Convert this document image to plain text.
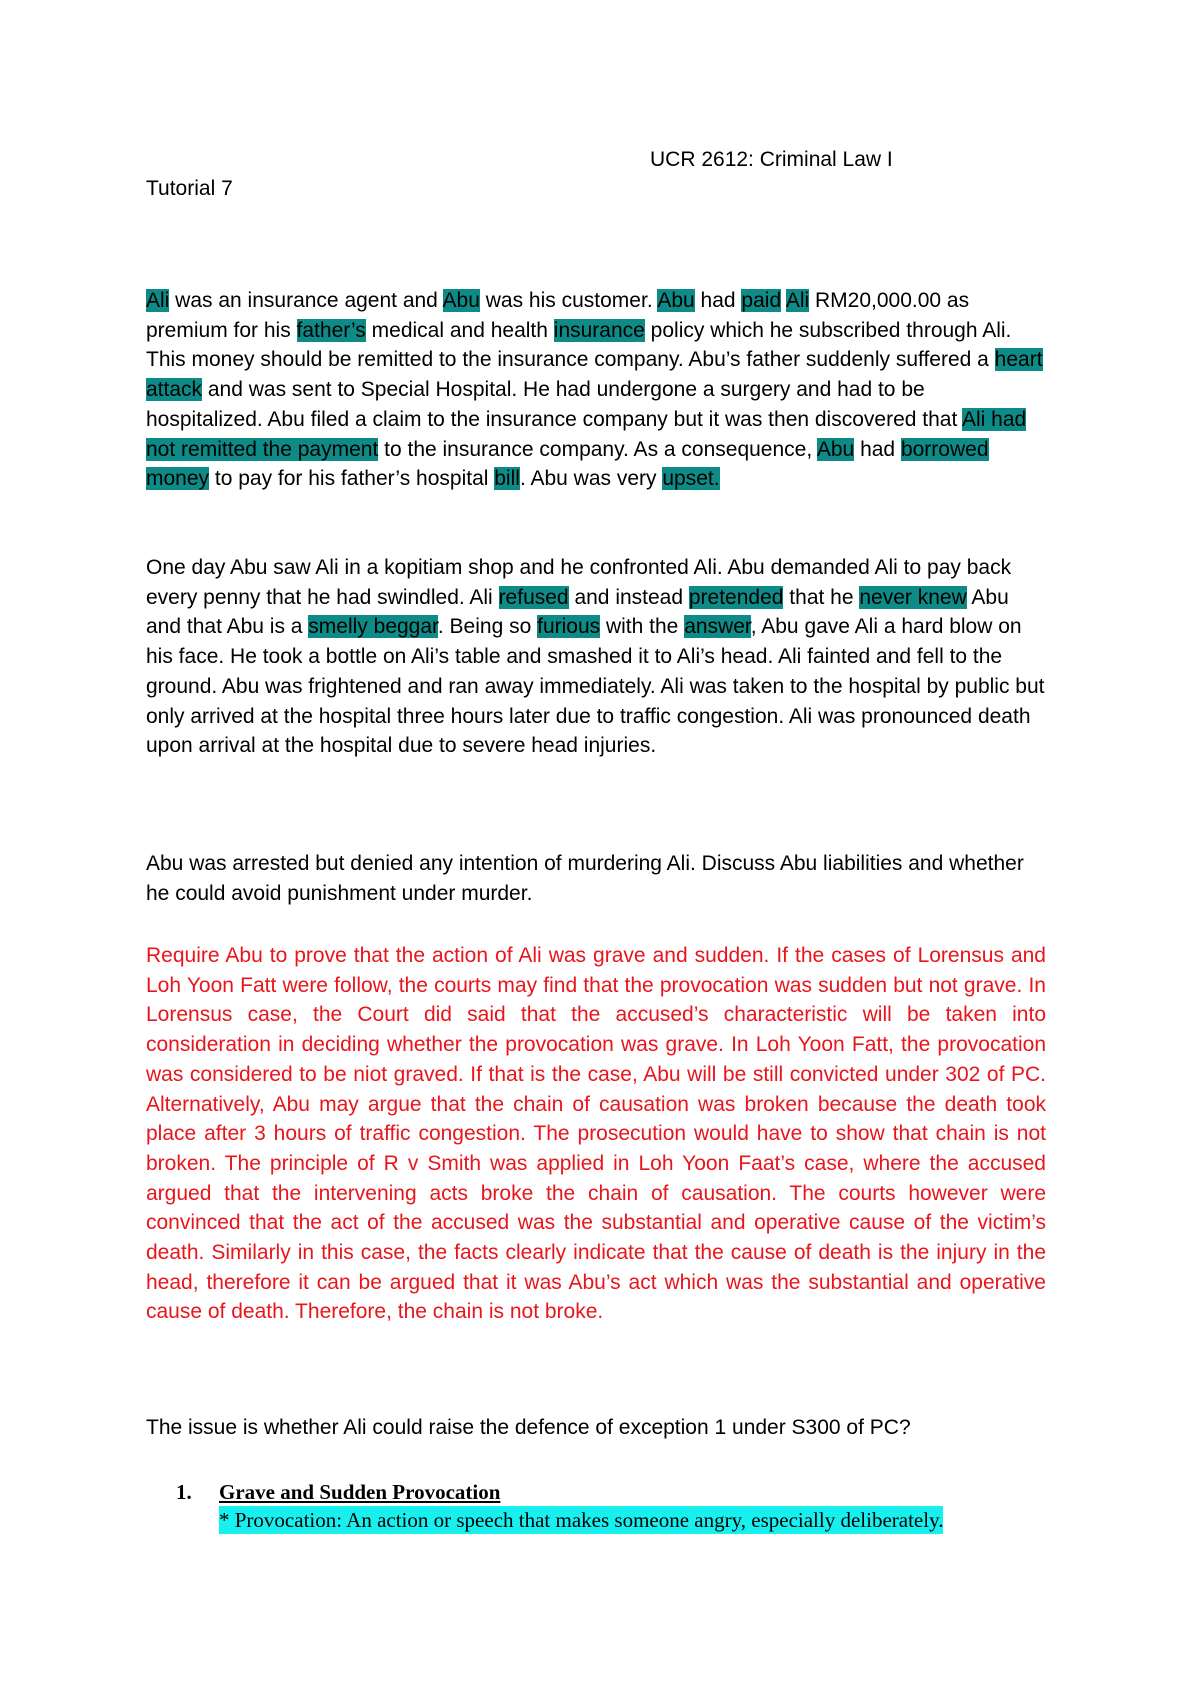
UCR 2612: Criminal Law I
Tutorial 7

Ali was an insurance agent and Abu was his customer. Abu had paid Ali RM20,000.00 as premium for his father’s medical and health insurance policy which he subscribed through Ali. This money should be remitted to the insurance company. Abu’s father suddenly suffered a heart attack and was sent to Special Hospital. He had undergone a surgery and had to be hospitalized. Abu filed a claim to the insurance company but it was then discovered that Ali had not remitted the payment to the insurance company. As a consequence, Abu had borrowed money to pay for his father’s hospital bill. Abu was very upset.

One day Abu saw Ali in a kopitiam shop and he confronted Ali. Abu demanded Ali to pay back every penny that he had swindled. Ali refused and instead pretended that he never knew Abu and that Abu is a smelly beggar. Being so furious with the answer, Abu gave Ali a hard blow on his face. He took a bottle on Ali’s table and smashed it to Ali’s head. Ali fainted and fell to the ground. Abu was frightened and ran away immediately. Ali was taken to the hospital by public but only arrived at the hospital three hours later due to traffic congestion. Ali was pronounced death upon arrival at the hospital due to severe head injuries.

Abu was arrested but denied any intention of murdering Ali. Discuss Abu liabilities and whether he could avoid punishment under murder.

Require Abu to prove that the action of Ali was grave and sudden. If the cases of Lorensus and Loh Yoon Fatt were follow, the courts may find that the provocation was sudden but not grave. In Lorensus case, the Court did said that the accused’s characteristic will be taken into consideration in deciding whether the provocation was grave. In Loh Yoon Fatt, the provocation was considered to be niot graved. If that is the case, Abu will be still convicted under 302 of PC. Alternatively, Abu may argue that the chain of causation was broken because the death took place after 3 hours of traffic congestion. The prosecution would have to show that chain is not broken. The principle of R v Smith was applied in Loh Yoon Faat’s case, where the accused argued that the intervening acts broke the chain of causation. The courts however were convinced that the act of the accused was the substantial and operative cause of the victim’s death. Similarly in this case, the facts clearly indicate that the cause of death is the injury in the head, therefore it can be argued that it was Abu’s act which was the substantial and operative cause of death. Therefore, the chain is not broke.

The issue is whether Ali could raise the defence of exception 1 under S300 of PC?

1. Grave and Sudden Provocation
* Provocation: An action or speech that makes someone angry, especially deliberately.
